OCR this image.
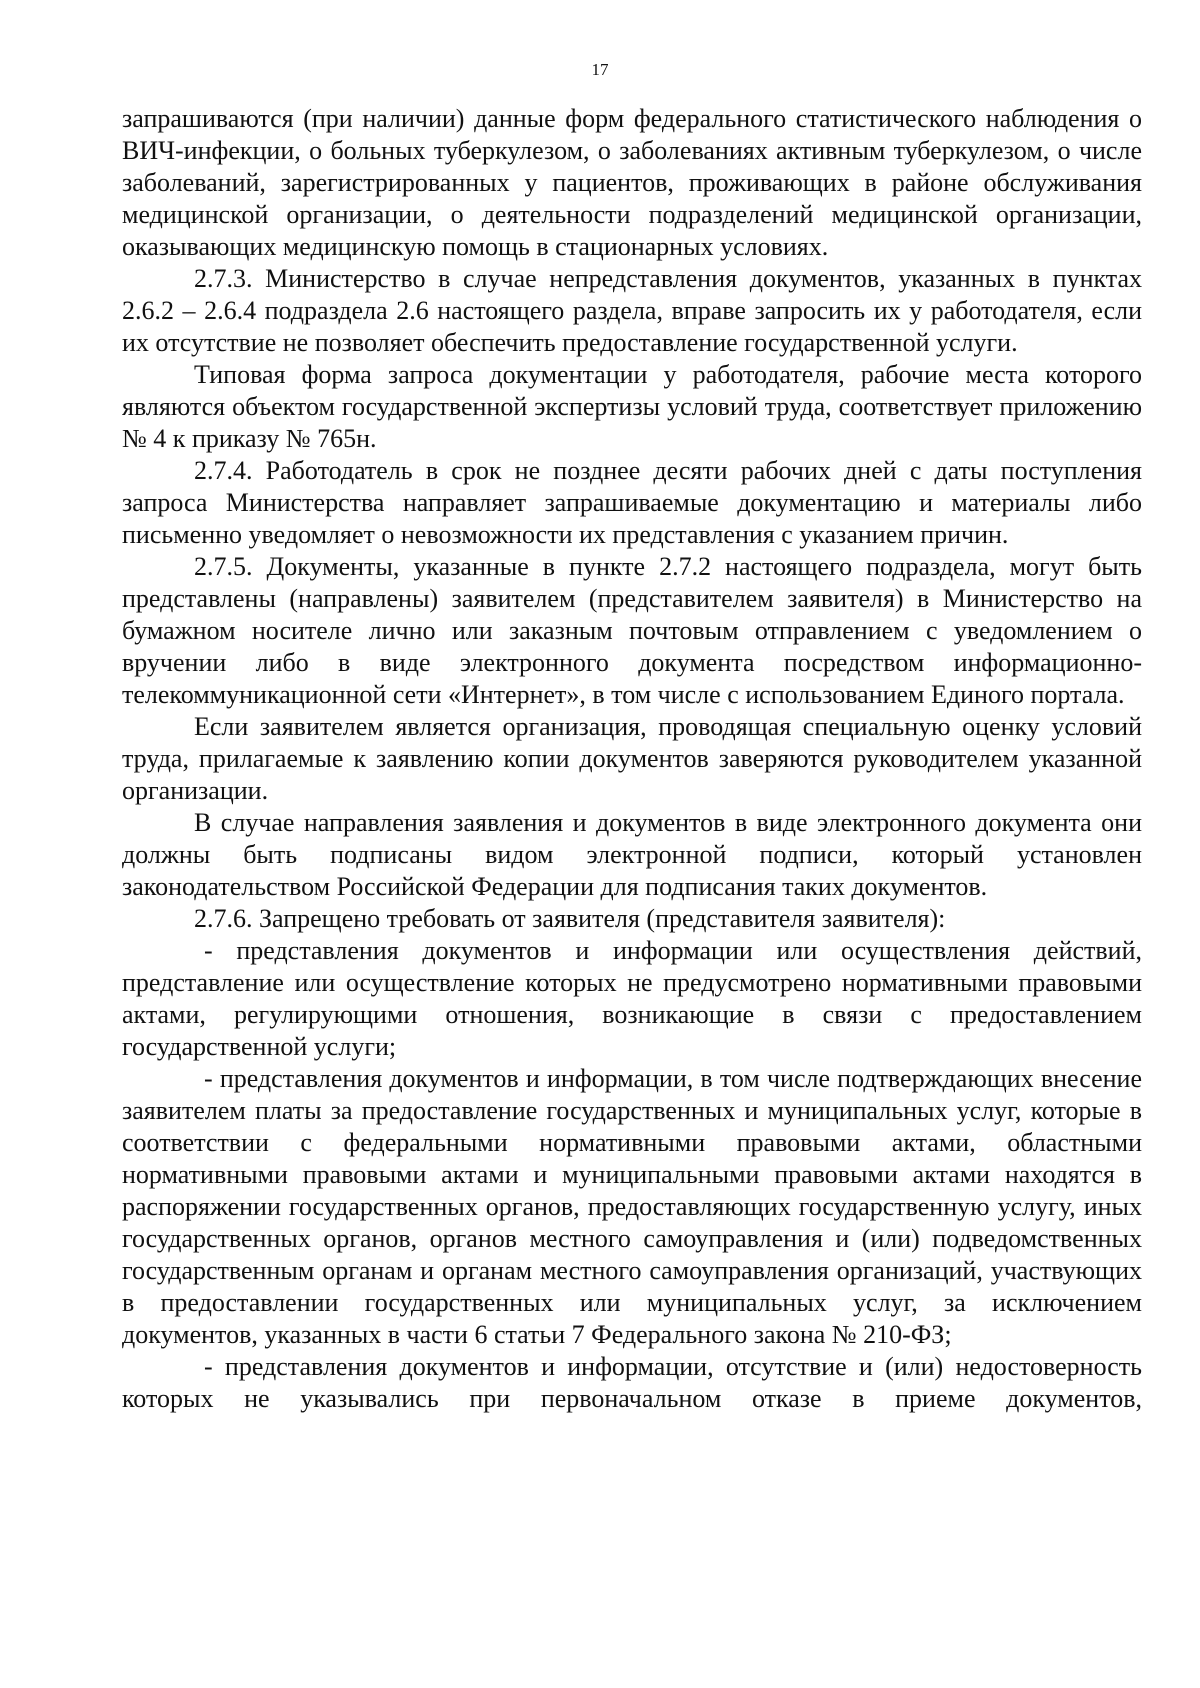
17

запрашиваются (при наличии) данные форм федерального статистического наблюдения о ВИЧ-инфекции, о больных туберкулезом, о заболеваниях активным туберкулезом, о числе заболеваний, зарегистрированных у пациентов, проживающих в районе обслуживания медицинской организации, о деятельности подразделений медицинской организации, оказывающих медицинскую помощь в стационарных условиях.

2.7.3. Министерство в случае непредставления документов, указанных в пунктах 2.6.2 – 2.6.4 подраздела 2.6 настоящего раздела, вправе запросить их у работодателя, если их отсутствие не позволяет обеспечить предоставление государственной услуги.

Типовая форма запроса документации у работодателя, рабочие места которого являются объектом государственной экспертизы условий труда, соответствует приложению № 4 к приказу № 765н.

2.7.4. Работодатель в срок не позднее десяти рабочих дней с даты поступления запроса Министерства направляет запрашиваемые документацию и материалы либо письменно уведомляет о невозможности их представления с указанием причин.

2.7.5. Документы, указанные в пункте 2.7.2 настоящего подраздела, могут быть представлены (направлены) заявителем (представителем заявителя) в Министерство на бумажном носителе лично или заказным почтовым отправлением с уведомлением о вручении либо в виде электронного документа посредством информационно-телекоммуникационной сети «Интернет», в том числе с использованием Единого портала.

Если заявителем является организация, проводящая специальную оценку условий труда, прилагаемые к заявлению копии документов заверяются руководителем указанной организации.

В случае направления заявления и документов в виде электронного документа они должны быть подписаны видом электронной подписи, который установлен законодательством Российской Федерации для подписания таких документов.

2.7.6. Запрещено требовать от заявителя (представителя заявителя):

- представления документов и информации или осуществления действий, представление или осуществление которых не предусмотрено нормативными правовыми актами, регулирующими отношения, возникающие в связи с предоставлением государственной услуги;

- представления документов и информации, в том числе подтверждающих внесение заявителем платы за предоставление государственных и муниципальных услуг, которые в соответствии с федеральными нормативными правовыми актами, областными нормативными правовыми актами и муниципальными правовыми актами находятся в распоряжении государственных органов, предоставляющих государственную услугу, иных государственных органов, органов местного самоуправления и (или) подведомственных государственным органам и органам местного самоуправления организаций, участвующих в предоставлении государственных или муниципальных услуг, за исключением документов, указанных в части 6 статьи 7 Федерального закона № 210-ФЗ;

- представления документов и информации, отсутствие и (или) недостоверность которых не указывались при первоначальном отказе в приеме документов,
